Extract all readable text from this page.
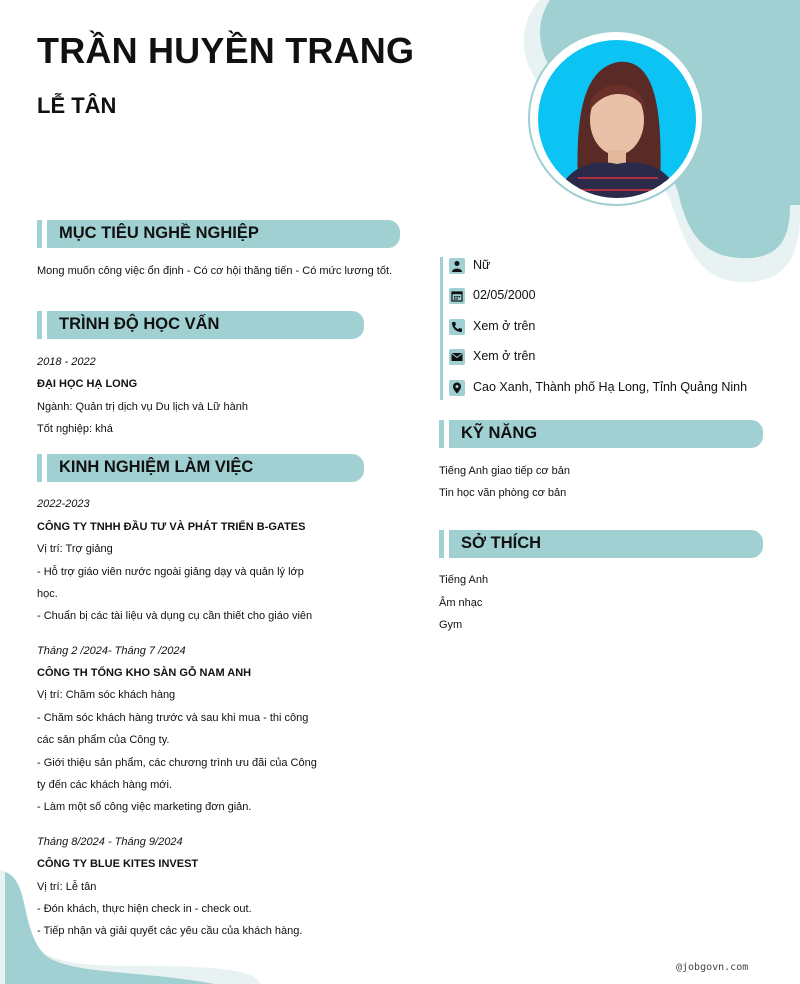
TRẦN HUYỀN TRANG
LỄ TÂN
MỤC TIÊU NGHỀ NGHIỆP
Mong muốn công việc ổn định - Có cơ hội thăng tiến - Có mức lương tốt.
TRÌNH ĐỘ HỌC VẤN
2018 - 2022
ĐẠI HỌC HẠ LONG
Ngành: Quản trị dịch vụ Du lịch và Lữ hành
Tốt nghiệp: khá
KINH NGHIỆM LÀM VIỆC
2022-2023
CÔNG TY TNHH ĐẦU TƯ VÀ PHÁT TRIỂN B-GATES
Vị trí: Trợ giảng
- Hỗ trợ giáo viên nước ngoài giảng dạy và quản lý lớp
học.
- Chuẩn bị các tài liệu và dụng cụ cần thiết cho giáo viên
Tháng 2 /2024- Tháng 7 /2024
CÔNG TH TỔNG KHO SÀN GỖ NAM ANH
Vị trí: Chăm sóc khách hàng
- Chăm sóc khách hàng trước và sau khi mua - thi công
các sản phẩm của Công ty.
- Giới thiệu sản phẩm, các chương trình ưu đãi của Công
ty đến các khách hàng mới.
- Làm một số công việc marketing đơn giản.
Tháng 8/2024 - Tháng 9/2024
CÔNG TY BLUE KITES INVEST
Vị trí: Lễ tân
- Đón khách, thực hiện check in - check out.
- Tiếp nhận và giải quyết các yêu cầu của khách hàng.
Nữ
02/05/2000
Xem ở trên
Xem ở trên
Cao Xanh, Thành phố Hạ Long, Tỉnh Quảng Ninh
KỸ NĂNG
Tiếng Anh giao tiếp cơ bản
Tin học văn phòng cơ bản
SỞ THÍCH
Tiếng Anh
Âm nhạc
Gym
@jobgovn.com
